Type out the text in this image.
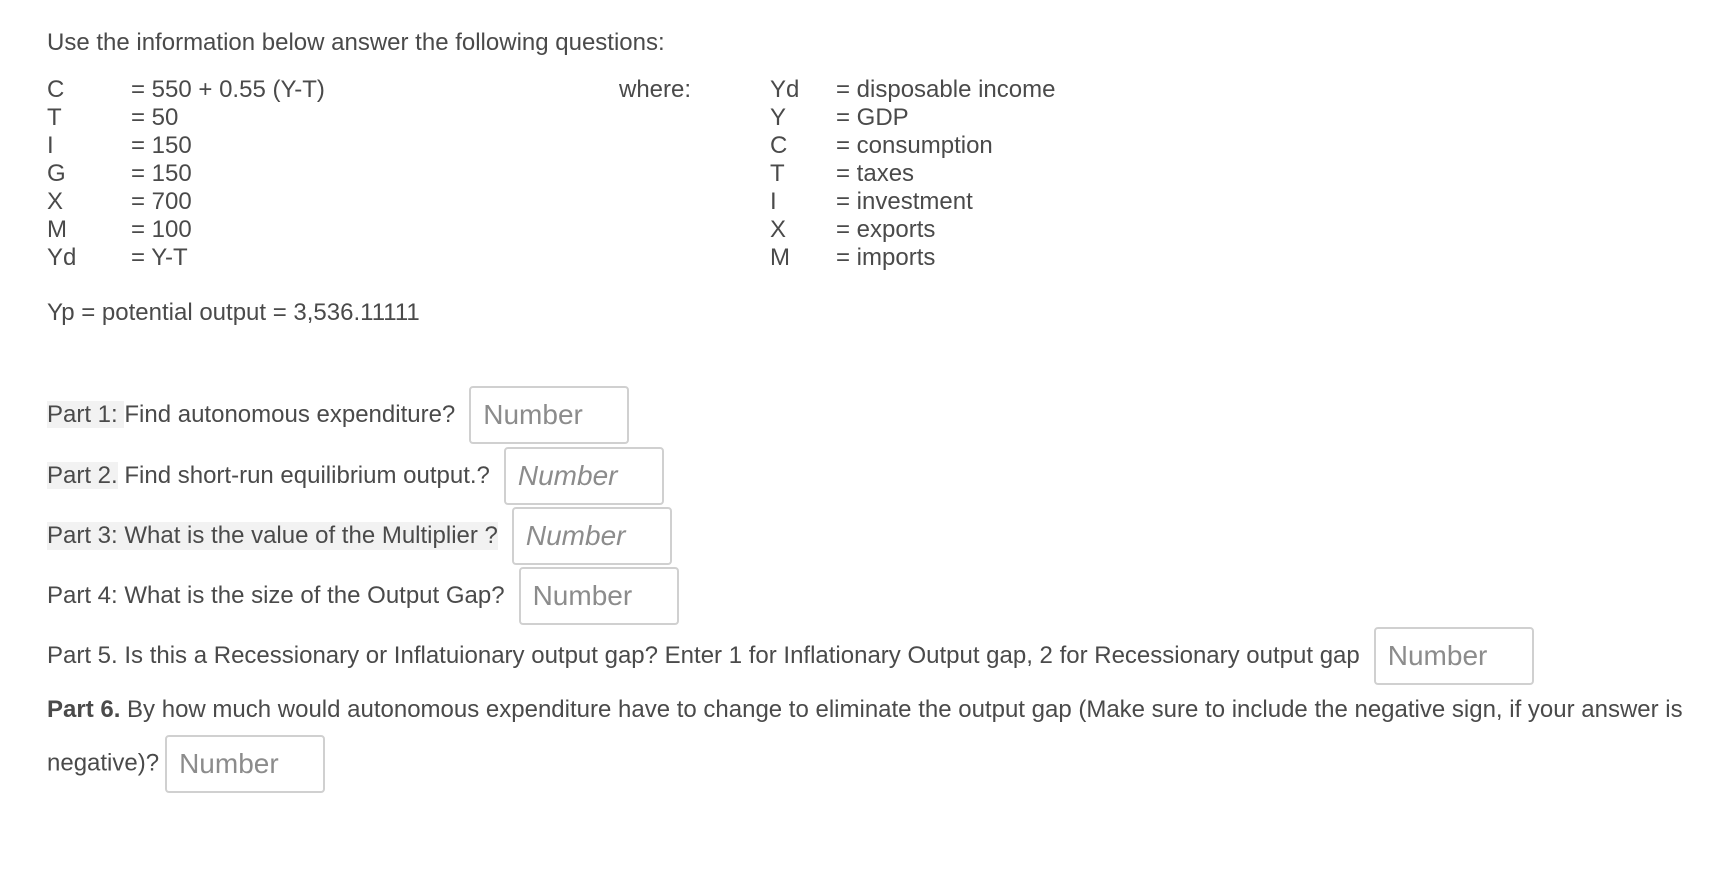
Use the information below answer the following questions:

C	= 550 + 0.55 (Y-T)
T	= 50
I	= 150
G	= 150
X	= 700
M	= 100
Yd	= Y-T
where:	Yd	= disposable income
Y	= GDP
C	= consumption
T	= taxes
I	= investment
X	= exports
M	= imports
Yp = potential output = 3,536.11111
Part 1: Find autonomous expenditure?
Number
Part 2. Find short-run equilibrium output.?
Number
Part 3: What is the value of the Multiplier ?
Number
Part 4: What is the size of the Output Gap?
Number
Part 5. Is this a Recessionary or Inflatuionary output gap? Enter 1 for Inflationary Output gap, 2 for Recessionary output gap
Number
Part 6. By how much would autonomous expenditure have to change to eliminate the output gap (Make sure to include the negative sign, if your answer is negative)?Number
